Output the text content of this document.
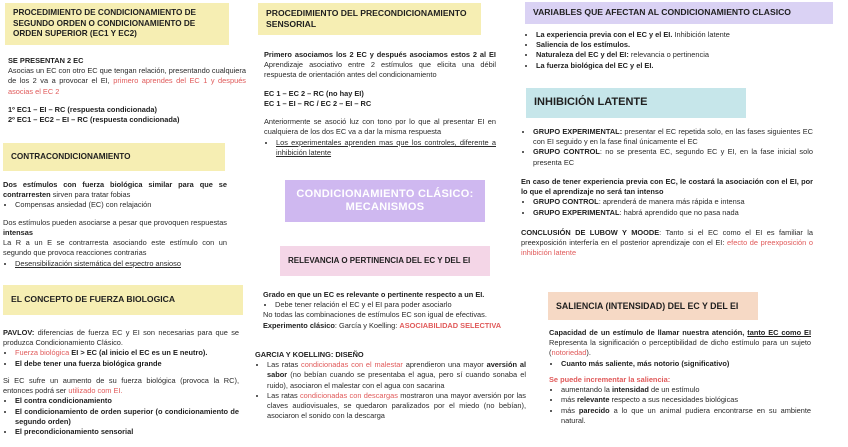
PROCEDIMIENTO DE CONDICIONAMIENTO DE SEGUNDO ORDEN O CONDICIONAMIENTO DE ORDEN SUPERIOR (EC1 Y EC2)

SE PRESENTAN 2 EC

Asocias un EC con otro EC que tengan relación, presentando cualquiera de los 2 va a provocar el EI, primero aprendes del EC 1 y después asocias el EC 2

1º EC1 – EI – RC (respuesta condicionada)

2º EC1 – EC2 – EI – RC (respuesta condicionada)

CONTRACONDICIONAMIENTO

Dos estímulos con fuerza biológica similar para que se contrarresten sirven para tratar fobias

• Compensas ansiedad (EC) con relajación

Dos estímulos pueden asociarse a pesar que provoquen respuestas intensas

La R a un E se contrarresta asociando este estímulo con un segundo que provoca reacciones contrarias

• Desensibilización sistemática del espectro ansioso
EL CONCEPTO DE FUERZA BIOLOGICA

PAVLOV: diferencias de fuerza EC y EI son necesarias para que se produzca Condicionamiento Clásico.

• Fuerza biológica EI > EC (al inicio el EC es un E neutro).
• El debe tener una fuerza biológica grande

Si EC sufre un aumento de su fuerza biológica (provoca la RC), entonces podrá ser utilizado com EI.

• El contra condicionamiento
• El condicionamiento de orden superior (o condicionamiento de segundo orden)
• El precondicionamiento sensorial
PROCEDIMIENTO DEL PRECONDICIONAMIENTO SENSORIAL

Primero asociamos los 2 EC y después asociamos estos 2 al EI Aprendizaje asociativo entre 2 estímulos que elicita una débil respuesta de orientación antes del condicionamiento

EC 1 – EC 2 – RC (no hay EI)

EC 1 – EI – RC / EC 2 – EI – RC

Anteriormente se asoció luz con tono por lo que al presentar EI en cualquiera de los dos EC va a dar la misma respuesta

• Los experimentales aprenden mas que los controles, diferente a inhibición latente
CONDICIONAMIENTO CLÁSICO: MECANISMOS
RELEVANCIA O PERTINENCIA DEL EC Y DEL EI

Grado en que un EC es relevante o pertinente respecto a un EI.

• Debe tener relación el EC y el EI para poder asociarlo

No todas las combinaciones de estímulos EC son igual de efectivas.

Experimento clásico: García y Koelling: ASOCIABILIDAD SELECTIVA

GARCIA Y KOELLING: DISEÑO

• Las ratas condicionadas con el malestar aprendieron una mayor aversión al sabor (no bebían cuando se presentaba el agua, pero sí cuando sonaba el ruido), asociaron el malestar con el agua con sacarina
• Las ratas condicionadas con descargas mostraron una mayor aversión por las claves audiovisuales, se quedaron paralizados por el miedo (no bebían), asociaron el sonido con la descarga
VARIABLES QUE AFECTAN AL CONDICIONAMIENTO CLASICO
• La experiencia previa con el EC y el EI. Inhibición latente
• Saliencia de los estímulos.
• Naturaleza del EC y del EI: relevancia o pertinencia
• La fuerza biológica del EC y el EI.
INHIBICIÓN LATENTE
• GRUPO EXPERIMENTAL: presentar el EC repetida solo, en las fases siguientes EC con EI seguido y en la fase final únicamente el EC
• GRUPO CONTROL: no se presenta EC, segundo EC y EI, en la fase inicial solo presenta EC

En caso de tener experiencia previa con EC, le costará la asociación con el EI, por lo que el aprendizaje no será tan intenso

• GRUPO CONTROL: aprenderá de manera más rápida e intensa
• GRUPO EXPERIMENTAL: habrá aprendido que no pasa nada

CONCLUSIÓN DE LUBOW Y MOODE: Tanto si el EC como el EI es familiar la preexposición interfería en el posterior aprendizaje con el EI: efecto de preexposición o inhibición latente

SALIENCIA (INTENSIDAD) DEL EC Y DEL EI

Capacidad de un estímulo de llamar nuestra atención, tanto EC como EI Representa la significación o perceptibilidad de dicho estímulo para un sujeto (notoriedad).

• Cuanto más saliente, más notorio (significativo)

Se puede incrementar la saliencia:

• aumentando la intensidad de un estímulo
• más relevante respecto a sus necesidades biológicas
• más parecido a lo que un animal pudiera encontrarse en su ambiente natural.
